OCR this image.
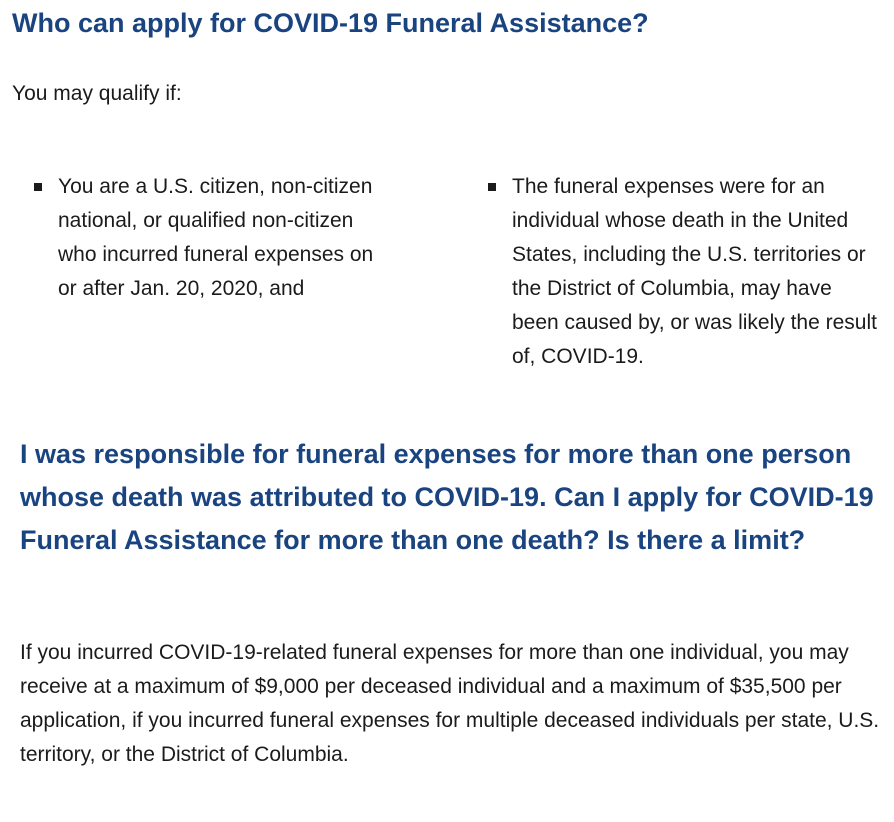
Who can apply for COVID-19 Funeral Assistance?

You may qualify if:

You are a U.S. citizen, non-citizen national, or qualified non-citizen who incurred funeral expenses on or after Jan. 20, 2020, and
The funeral expenses were for an individual whose death in the United States, including the U.S. territories or the District of Columbia, may have been caused by, or was likely the result of, COVID-19.
I was responsible for funeral expenses for more than one person whose death was attributed to COVID-19. Can I apply for COVID-19 Funeral Assistance for more than one death? Is there a limit?

If you incurred COVID-19-related funeral expenses for more than one individual, you may receive at a maximum of $9,000 per deceased individual and a maximum of $35,500 per application, if you incurred funeral expenses for multiple deceased individuals per state, U.S. territory, or the District of Columbia.
